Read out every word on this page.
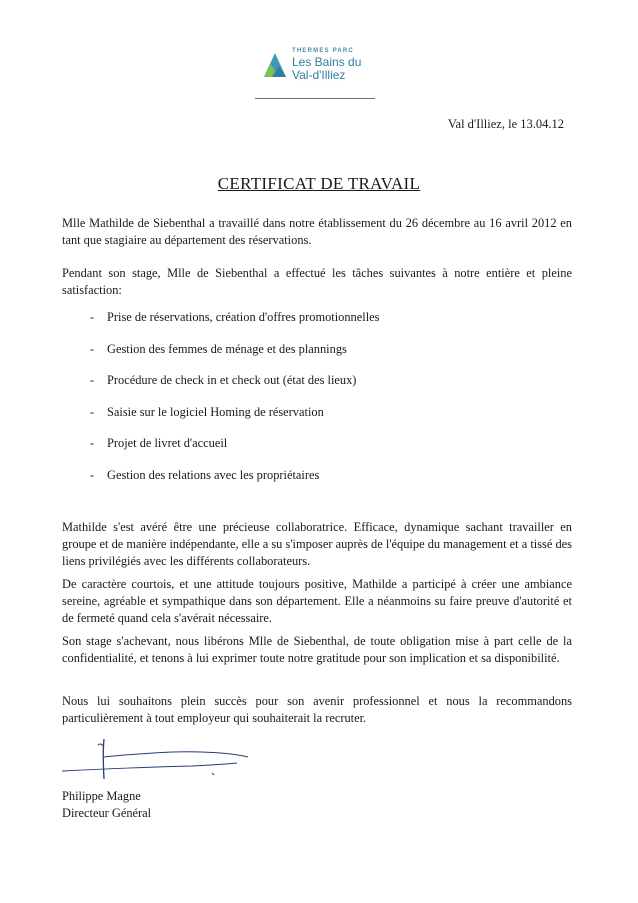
THERMES PARC
Les Bains du
Val-d'Illiez
· · · · · · · · · · · ·
Val d'Illiez, le 13.04.12
CERTIFICAT DE TRAVAIL
Mlle Mathilde de Siebenthal a travaillé dans notre établissement du 26 décembre au 16 avril 2012 en tant que stagiaire au département des réservations.
Pendant son stage, Mlle de Siebenthal a effectué les tâches suivantes à notre entière et pleine satisfaction:
- Prise de réservations, création d'offres promotionnelles
- Gestion des femmes de ménage et des plannings
- Procédure de check in et check out (état des lieux)
- Saisie sur le logiciel Homing de réservation
- Projet de livret d'accueil
- Gestion des relations avec les propriétaires
Mathilde s'est avéré être une précieuse collaboratrice. Efficace, dynamique sachant travailler en groupe et de manière indépendante, elle a su s'imposer auprès de l'équipe du management et a tissé des liens privilégiés avec les différents collaborateurs.
De caractère courtois, et une attitude toujours positive, Mathilde a participé à créer une ambiance sereine, agréable et sympathique dans son département. Elle a néanmoins su faire preuve d'autorité et de fermeté quand cela s'avérait nécessaire.
Son stage s'achevant, nous libérons Mlle de Siebenthal, de toute obligation mise à part celle de la confidentialité, et tenons à lui exprimer toute notre gratitude pour son implication et sa disponibilité.
Nous lui souhaitons plein succès pour son avenir professionnel et nous la recommandons particulièrement à tout employeur qui souhaiterait la recruter.
Philippe Magne
Directeur Général
